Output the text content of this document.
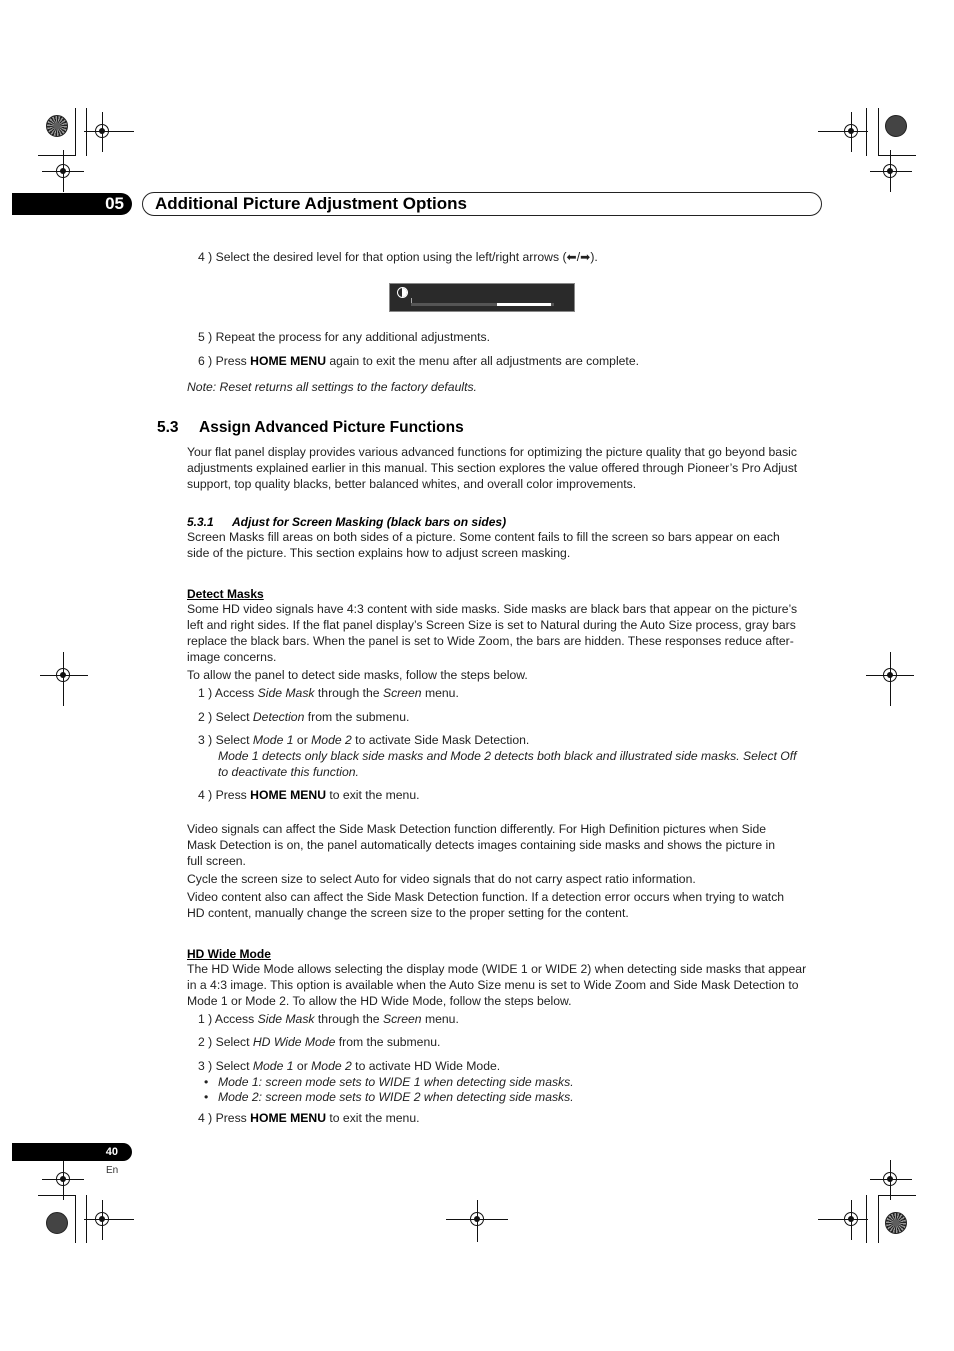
05	Additional Picture Adjustment Options
4 ) Select the desired level for that option using the left/right arrows (⬅/➡).
5 ) Repeat the process for any additional adjustments.
6 ) Press HOME MENU again to exit the menu after all adjustments are complete.
Note: Reset returns all settings to the factory defaults.
5.3 Assign Advanced Picture Functions
Your flat panel display provides various advanced functions for optimizing the picture quality that go beyond basic
adjustments explained earlier in this manual. This section explores the value offered through Pioneer’s Pro Adjust
support, top quality blacks, better balanced whites, and overall color improvements.
5.3.1 Adjust for Screen Masking (black bars on sides)
Screen Masks fill areas on both sides of a picture. Some content fails to fill the screen so bars appear on each
side of the picture. This section explains how to adjust screen masking.
Detect Masks
Some HD video signals have 4:3 content with side masks. Side masks are black bars that appear on the picture’s
left and right sides. If the flat panel display’s Screen Size is set to Natural during the Auto Size process, gray bars
replace the black bars. When the panel is set to Wide Zoom, the bars are hidden. These responses reduce after-
image concerns.
To allow the panel to detect side masks, follow the steps below.
1 ) Access Side Mask through the Screen menu.
2 ) Select Detection from the submenu.
3 ) Select Mode 1 or Mode 2 to activate Side Mask Detection.
Mode 1 detects only black side masks and Mode 2 detects both black and illustrated side masks. Select Off
to deactivate this function.
4 ) Press HOME MENU to exit the menu.
Video signals can affect the Side Mask Detection function differently. For High Definition pictures when Side
Mask Detection is on, the panel automatically detects images containing side masks and shows the picture in
full screen.
Cycle the screen size to select Auto for video signals that do not carry aspect ratio information.
Video content also can affect the Side Mask Detection function. If a detection error occurs when trying to watch
HD content, manually change the screen size to the proper setting for the content.
HD Wide Mode
The HD Wide Mode allows selecting the display mode (WIDE 1 or WIDE 2) when detecting side masks that appear
in a 4:3 image. This option is available when the Auto Size menu is set to Wide Zoom and Side Mask Detection to
Mode 1 or Mode 2. To allow the HD Wide Mode, follow the steps below.
1 ) Access Side Mask through the Screen menu.
2 ) Select HD Wide Mode from the submenu.
3 ) Select Mode 1 or Mode 2 to activate HD Wide Mode.
• Mode 1: screen mode sets to WIDE 1 when detecting side masks.
• Mode 2: screen mode sets to WIDE 2 when detecting side masks.
4 ) Press HOME MENU to exit the menu.
40
En
